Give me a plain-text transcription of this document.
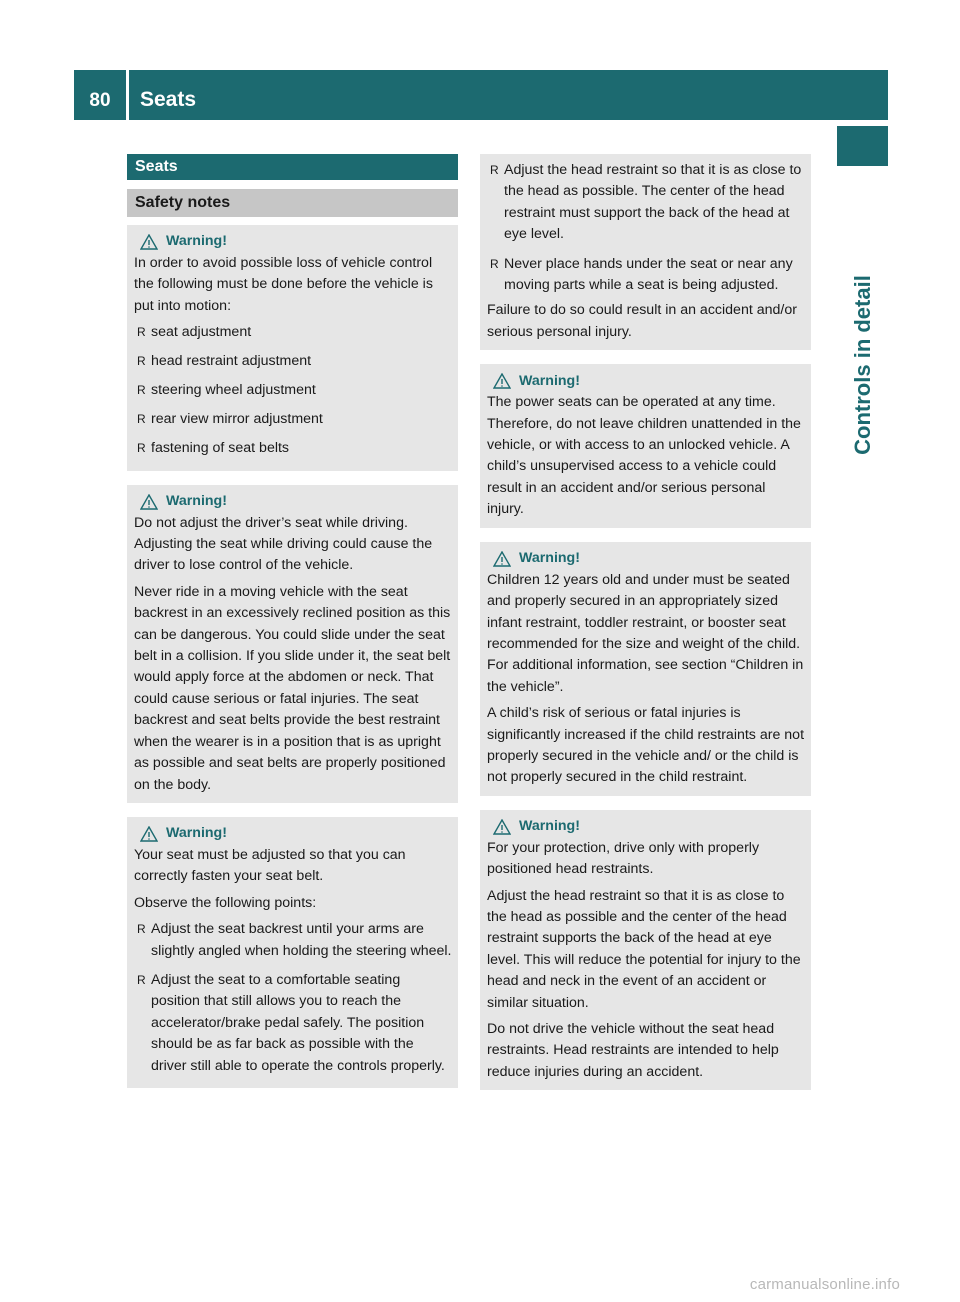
80	Seats
Controls in detail
Seats
Safety notes
Warning!

In order to avoid possible loss of vehicle control the following must be done before the vehicle is put into motion:

R seat adjustment
R head restraint adjustment
R steering wheel adjustment
R rear view mirror adjustment
R fastening of seat belts
Warning!

Do not adjust the driver’s seat while driving. Adjusting the seat while driving could cause the driver to lose control of the vehicle.

Never ride in a moving vehicle with the seat backrest in an excessively reclined position as this can be dangerous. You could slide under the seat belt in a collision. If you slide under it, the seat belt would apply force at the abdomen or neck. That could cause serious or fatal injuries. The seat backrest and seat belts provide the best restraint when the wearer is in a position that is as upright as possible and seat belts are properly positioned on the body.

Warning!

Your seat must be adjusted so that you can correctly fasten your seat belt.

Observe the following points:

R Adjust the seat backrest until your arms are slightly angled when holding the steering wheel.
R Adjust the seat to a comfortable seating position that still allows you to reach the accelerator/brake pedal safely. The position should be as far back as possible with the driver still able to operate the controls properly.
R Adjust the head restraint so that it is as close to the head as possible. The center of the head restraint must support the back of the head at eye level.
R Never place hands under the seat or near any moving parts while a seat is being adjusted.

Failure to do so could result in an accident and/or serious personal injury.

Warning!

The power seats can be operated at any time. Therefore, do not leave children unattended in the vehicle, or with access to an unlocked vehicle. A child’s unsupervised access to a vehicle could result in an accident and/or serious personal injury.

Warning!

Children 12 years old and under must be seated and properly secured in an appropriately sized infant restraint, toddler restraint, or booster seat recommended for the size and weight of the child. For additional information, see section “Children in the vehicle”.

A child’s risk of serious or fatal injuries is significantly increased if the child restraints are not properly secured in the vehicle and/ or the child is not properly secured in the child restraint.

Warning!

For your protection, drive only with properly positioned head restraints.

Adjust the head restraint so that it is as close to the head as possible and the center of the head restraint supports the back of the head at eye level. This will reduce the potential for injury to the head and neck in the event of an accident or similar situation.

Do not drive the vehicle without the seat head restraints. Head restraints are intended to help reduce injuries during an accident.

carmanualsonline.info
